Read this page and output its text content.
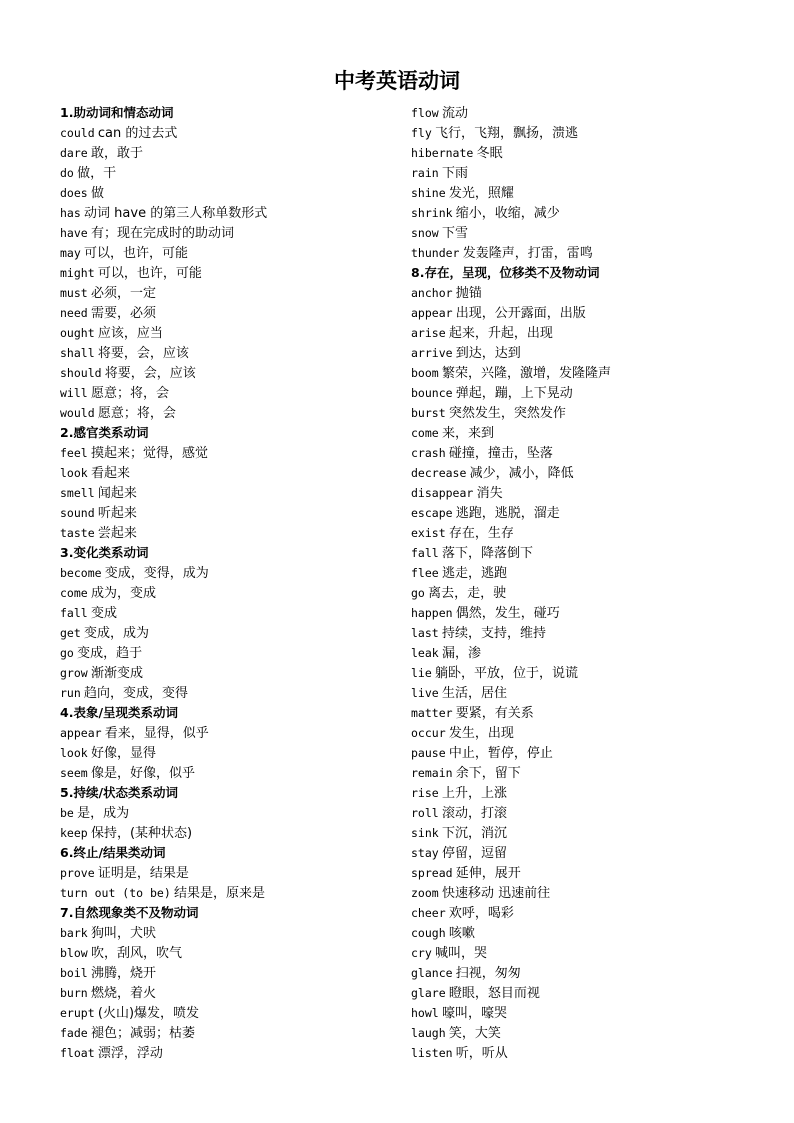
中考英语动词
1.助动词和情态动词
could can 的过去式
dare 敢，敢于
do 做，干
does 做
has 动词 have 的第三人称单数形式
have 有；现在完成时的助动词
may 可以，也许，可能
might 可以，也许，可能
must 必须，一定
need 需要，必须
ought 应该，应当
shall 将要，会，应该
should 将要，会，应该
will 愿意；将，会
would 愿意；将，会
2.感官类系动词
feel 摸起来；觉得，感觉
look 看起来
smell 闻起来
sound 听起来
taste 尝起来
3.变化类系动词
become 变成，变得，成为
come 成为，变成
fall 变成
get 变成，成为
go 变成，趋于
grow 渐渐变成
run 趋向，变成，变得
4.表象/呈现类系动词
appear 看来，显得，似乎
look 好像，显得
seem 像是，好像，似乎
5.持续/状态类系动词
be 是，成为
keep 保持，(某种状态)
6.终止/结果类动词
prove 证明是，结果是
turn out (to be) 结果是，原来是
7.自然现象类不及物动词
bark 狗叫，犬吠
blow 吹，刮风，吹气
boil 沸腾，烧开
burn 燃烧，着火
erupt (火山)爆发，喷发
fade 褪色；减弱；枯萎
float 漂浮，浮动
flow 流动
fly 飞行，飞翔，飘扬，溃逃
hibernate 冬眠
rain 下雨
shine 发光，照耀
shrink 缩小，收缩，减少
snow 下雪
thunder 发轰隆声，打雷，雷鸣
8.存在，呈现，位移类不及物动词
anchor 抛锚
appear 出现，公开露面，出版
arise 起来，升起，出现
arrive 到达，达到
boom 繁荣，兴隆，激增，发隆隆声
bounce 弹起，蹦，上下晃动
burst 突然发生，突然发作
come 来，来到
crash 碰撞，撞击，坠落
decrease 减少，减小，降低
disappear 消失
escape 逃跑，逃脱，溜走
exist 存在，生存
fall 落下，降落倒下
flee 逃走，逃跑
go 离去，走，驶
happen 偶然，发生，碰巧
last 持续，支持，维持
leak 漏，渗
lie 躺卧，平放，位于，说谎
live 生活，居住
matter 要紧，有关系
occur 发生，出现
pause 中止，暂停，停止
remain 余下，留下
rise 上升，上涨
roll 滚动，打滚
sink 下沉，消沉
stay 停留，逗留
spread 延伸，展开
zoom 快速移动 迅速前往
cheer 欢呼，喝彩
cough 咳嗽
cry 喊叫，哭
glance 扫视，匆匆
glare 瞪眼，怒目而视
howl 嚎叫，嚎哭
laugh 笑，大笑
listen 听，听从
